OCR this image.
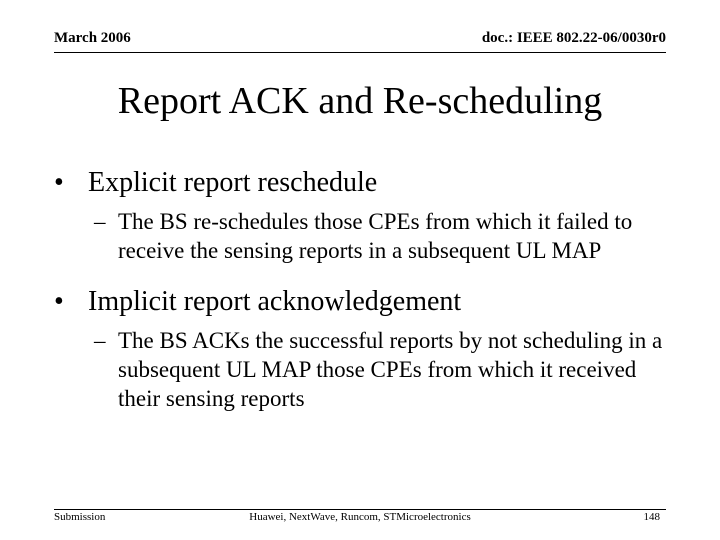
March 2006	doc.: IEEE 802.22-06/0030r0
Report ACK and Re-scheduling
• Explicit report reschedule
– The BS re-schedules those CPEs from which it failed to receive the sensing reports in a subsequent UL MAP
• Implicit report acknowledgement
– The BS ACKs the successful reports by not scheduling in a subsequent UL MAP those CPEs from which it received their sensing reports
Submission	Huawei, NextWave, Runcom, STMicroelectronics	148
